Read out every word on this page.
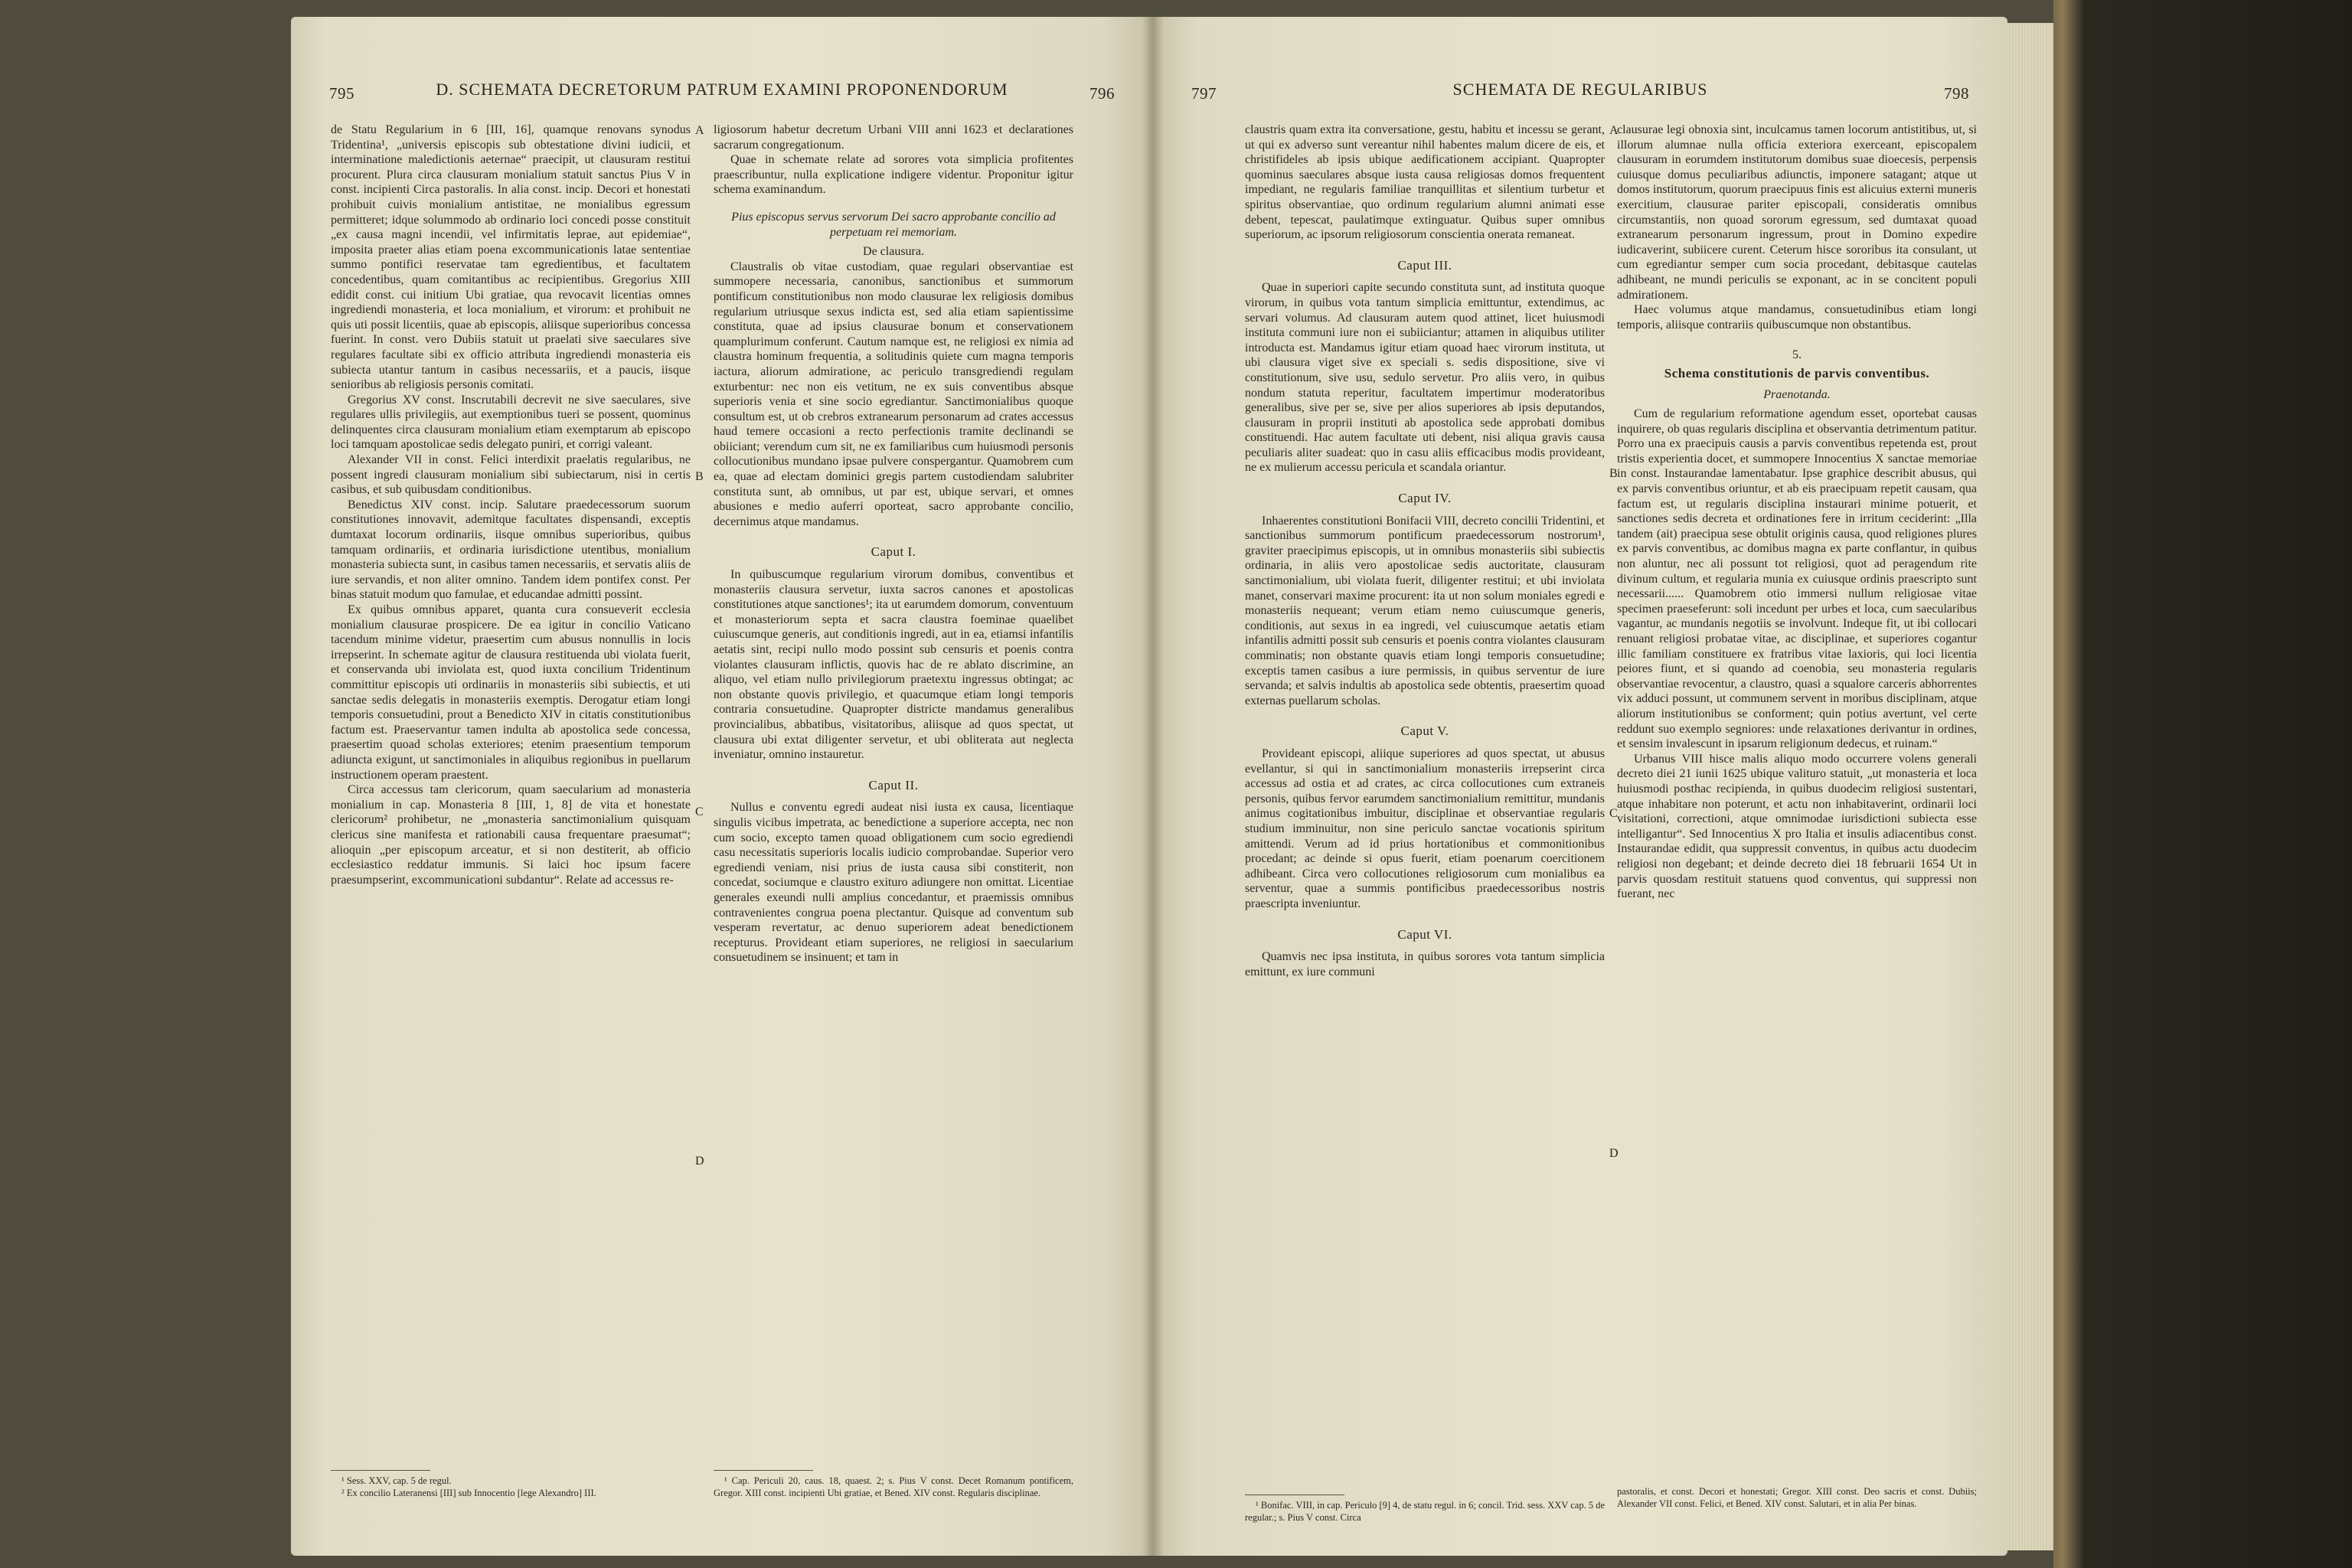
795	D. SCHEMATA DECRETORUM PATRUM EXAMINI PROPONENDORUM	796

de Statu Regularium in 6 [III, 16], quamque renovans synodus Tridentina¹, „universis episcopis sub obtestatione divini iudicii, et interminatione maledictionis aeternae“ praecipit, ut clausuram restitui procurent. Plura circa clausuram monialium statuit sanctus Pius V in const. incipienti Circa pastoralis. In alia const. incip. Decori et honestati prohibuit cuivis monialium antistitae, ne monialibus egressum permitteret; idque solummodo ab ordinario loci concedi posse constituit „ex causa magni incendii, vel infirmitatis leprae, aut epidemiae“, imposita praeter alias etiam poena excommunicationis latae sententiae summo pontifici reservatae tam egredientibus, et facultatem concedentibus, quam comitantibus ac recipientibus. Gregorius XIII edidit const. cui initium Ubi gratiae, qua revocavit licentias omnes ingrediendi monasteria, et loca monialium, et virorum: et prohibuit ne quis uti possit licentiis, quae ab episcopis, aliisque superioribus concessa fuerint. In const. vero Dubiis statuit ut praelati sive saeculares sive regulares facultate sibi ex officio attributa ingrediendi monasteria eis subiecta utantur tantum in casibus necessariis, et a paucis, iisque senioribus ab religiosis personis comitati.

Gregorius XV const. Inscrutabili decrevit ne sive saeculares, sive regulares ullis privilegiis, aut exemptionibus tueri se possent, quominus delinquentes circa clausuram monialium etiam exemptarum ab episcopo loci tamquam apostolicae sedis delegato puniri, et corrigi valeant.

Alexander VII in const. Felici interdixit praelatis regularibus, ne possent ingredi clausuram monialium sibi subiectarum, nisi in certis casibus, et sub quibusdam conditionibus.

Benedictus XIV const. incip. Salutare praedecessorum suorum constitutiones innovavit, ademitque facultates dispensandi, exceptis dumtaxat locorum ordinariis, iisque omnibus superioribus, quibus tamquam ordinariis, et ordinaria iurisdictione utentibus, monialium monasteria subiecta sunt, in casibus tamen necessariis, et servatis aliis de iure servandis, et non aliter omnino. Tandem idem pontifex const. Per binas statuit modum quo famulae, et educandae admitti possint.

Ex quibus omnibus apparet, quanta cura consueverit ecclesia monialium clausurae prospicere. De ea igitur in concilio Vaticano tacendum minime videtur, praesertim cum abusus nonnullis in locis irrepserint. In schemate agitur de clausura restituenda ubi violata fuerit, et conservanda ubi inviolata est, quod iuxta concilium Tridentinum committitur episcopis uti ordinariis in monasteriis sibi subiectis, et uti sanctae sedis delegatis in monasteriis exemptis. Derogatur etiam longi temporis consuetudini, prout a Benedicto XIV in citatis constitutionibus factum est. Praeservantur tamen indulta ab apostolica sede concessa, praesertim quoad scholas exteriores; etenim praesentium temporum adiuncta exigunt, ut sanctimoniales in aliquibus regionibus in puellarum instructionem operam praestent.

Circa accessus tam clericorum, quam saecularium ad monasteria monialium in cap. Monasteria 8 [III, 1, 8] de vita et honestate clericorum² prohibetur, ne „monasteria sanctimonialium quisquam clericus sine manifesta et rationabili causa frequentare praesumat“; alioquin „per episcopum arceatur, et si non destiterit, ab officio ecclesiastico reddatur immunis. Si laici hoc ipsum facere praesumpserint, excommunicationi subdantur“. Relate ad accessus re-

ligiosorum habetur decretum Urbani VIII anni 1623 et declarationes sacrarum congregationum.

Quae in schemate relate ad sorores vota simplicia profitentes praescribuntur, nulla explicatione indigere videntur. Proponitur igitur schema examinandum.

Pius episcopus servus servorum Dei sacro approbante concilio ad perpetuam rei memoriam.

De clausura.

Claustralis ob vitae custodiam, quae regulari observantiae est summopere necessaria, canonibus, sanctionibus et summorum pontificum constitutionibus non modo clausurae lex religiosis domibus regularium utriusque sexus indicta est, sed alia etiam sapientissime constituta, quae ad ipsius clausurae bonum et conservationem quamplurimum conferunt. Cautum namque est, ne religiosi ex nimia ad claustra hominum frequentia, a solitudinis quiete cum magna temporis iactura, aliorum admiratione, ac periculo transgrediendi regulam exturbentur: nec non eis vetitum, ne ex suis conventibus absque superioris venia et sine socio egrediantur. Sanctimonialibus quoque consultum est, ut ob crebros extranearum personarum ad crates accessus haud temere occasioni a recto perfectionis tramite declinandi se obiiciant; verendum cum sit, ne ex familiaribus cum huiusmodi personis collocutionibus mundano ipsae pulvere conspergantur. Quamobrem cum ea, quae ad electam dominici gregis partem custodiendam salubriter constituta sunt, ab omnibus, ut par est, ubique servari, et omnes abusiones e medio auferri oporteat, sacro approbante concilio, decernimus atque mandamus.

Caput I.

In quibuscumque regularium virorum domibus, conventibus et monasteriis clausura servetur, iuxta sacros canones et apostolicas constitutiones atque sanctiones¹; ita ut earumdem domorum, conventuum et monasteriorum septa et sacra claustra foeminae quaelibet cuiuscumque generis, aut conditionis ingredi, aut in ea, etiamsi infantilis aetatis sint, recipi nullo modo possint sub censuris et poenis contra violantes clausuram inflictis, quovis hac de re ablato discrimine, an aliquo, vel etiam nullo privilegiorum praetextu ingressus obtingat; ac non obstante quovis privilegio, et quacumque etiam longi temporis contraria consuetudine. Quapropter districte mandamus generalibus provincialibus, abbatibus, visitatoribus, aliisque ad quos spectat, ut clausura ubi extat diligenter servetur, et ubi obliterata aut neglecta inveniatur, omnino instauretur.

Caput II.

Nullus e conventu egredi audeat nisi iusta ex causa, licentiaque singulis vicibus impetrata, ac benedictione a superiore accepta, nec non cum socio, excepto tamen quoad obligationem cum socio egrediendi casu necessitatis superioris localis iudicio comprobandae. Superior vero egrediendi veniam, nisi prius de iusta causa sibi constiterit, non concedat, sociumque e claustro exituro adiungere non omittat. Licentiae generales exeundi nulli amplius concedantur, et praemissis omnibus contravenientes congrua poena plectantur. Quisque ad conventum sub vesperam revertatur, ac denuo superiorem adeat benedictionem recepturus. Provideant etiam superiores, ne religiosi in saecularium consuetudinem se insinuent; et tam in

A
B
C
D

¹ Sess. XXV, cap. 5 de regul.

² Ex concilio Lateranensi [III] sub Innocentio [lege Alexandro] III.

¹ Cap. Periculi 20, caus. 18, quaest. 2; s. Pius V const. Decet Romanum pontificem, Gregor. XIII const. incipienti Ubi gratiae, et Bened. XIV const. Regularis disciplinae.

797	SCHEMATA DE REGULARIBUS	798

claustris quam extra ita conversatione, gestu, habitu et incessu se gerant, ut qui ex adverso sunt vereantur nihil habentes malum dicere de eis, et christifideles ab ipsis ubique aedificationem accipiant. Quapropter quominus saeculares absque iusta causa religiosas domos frequentent impediant, ne regularis familiae tranquillitas et silentium turbetur et spiritus observantiae, quo ordinum regularium alumni animati esse debent, tepescat, paulatimque extinguatur. Quibus super omnibus superiorum, ac ipsorum religiosorum conscientia onerata remaneat.

Caput III.

Quae in superiori capite secundo constituta sunt, ad instituta quoque virorum, in quibus vota tantum simplicia emittuntur, extendimus, ac servari volumus. Ad clausuram autem quod attinet, licet huiusmodi instituta communi iure non ei subiiciantur; attamen in aliquibus utiliter introducta est. Mandamus igitur etiam quoad haec virorum instituta, ut ubi clausura viget sive ex speciali s. sedis dispositione, sive vi constitutionum, sive usu, sedulo servetur. Pro aliis vero, in quibus nondum statuta reperitur, facultatem impertimur moderatoribus generalibus, sive per se, sive per alios superiores ab ipsis deputandos, clausuram in proprii instituti ab apostolica sede approbati domibus constituendi. Hac autem facultate uti debent, nisi aliqua gravis causa peculiaris aliter suadeat: quo in casu aliis efficacibus modis provideant, ne ex mulierum accessu pericula et scandala oriantur.

Caput IV.

Inhaerentes constitutioni Bonifacii VIII, decreto concilii Tridentini, et sanctionibus summorum pontificum praedecessorum nostrorum¹, graviter praecipimus episcopis, ut in omnibus monasteriis sibi subiectis ordinaria, in aliis vero apostolicae sedis auctoritate, clausuram sanctimonialium, ubi violata fuerit, diligenter restitui; et ubi inviolata manet, conservari maxime procurent: ita ut non solum moniales egredi e monasteriis nequeant; verum etiam nemo cuiuscumque generis, conditionis, aut sexus in ea ingredi, vel cuiuscumque aetatis etiam infantilis admitti possit sub censuris et poenis contra violantes clausuram comminatis; non obstante quavis etiam longi temporis consuetudine; exceptis tamen casibus a iure permissis, in quibus serventur de iure servanda; et salvis indultis ab apostolica sede obtentis, praesertim quoad externas puellarum scholas.

Caput V.

Provideant episcopi, aliique superiores ad quos spectat, ut abusus evellantur, si qui in sanctimonialium monasteriis irrepserint circa accessus ad ostia et ad crates, ac circa collocutiones cum extraneis personis, quibus fervor earumdem sanctimonialium remittitur, mundanis animus cogitationibus imbuitur, disciplinae et observantiae regularis studium imminuitur, non sine periculo sanctae vocationis spiritum amittendi. Verum ad id prius hortationibus et commonitionibus procedant; ac deinde si opus fuerit, etiam poenarum coercitionem adhibeant. Circa vero collocutiones religiosorum cum monialibus ea serventur, quae a summis pontificibus praedecessoribus nostris praescripta inveniuntur.

Caput VI.

Quamvis nec ipsa instituta, in quibus sorores vota tantum simplicia emittunt, ex iure communi

clausurae legi obnoxia sint, inculcamus tamen locorum antistitibus, ut, si illorum alumnae nulla officia exteriora exerceant, episcopalem clausuram in eorumdem institutorum domibus suae dioecesis, perpensis cuiusque domus peculiaribus adiunctis, imponere satagant; atque ut domos institutorum, quorum praecipuus finis est alicuius externi muneris exercitium, clausurae pariter episcopali, consideratis omnibus circumstantiis, non quoad sororum egressum, sed dumtaxat quoad extranearum personarum ingressum, prout in Domino expedire iudicaverint, subiicere curent. Ceterum hisce sororibus ita consulant, ut cum egrediantur semper cum socia procedant, debitasque cautelas adhibeant, ne mundi periculis se exponant, ac in se concitent populi admirationem.

Haec volumus atque mandamus, consuetudinibus etiam longi temporis, aliisque contrariis quibuscumque non obstantibus.

5.

Schema constitutionis de parvis conventibus.

Praenotanda.

Cum de regularium reformatione agendum esset, oportebat causas inquirere, ob quas regularis disciplina et observantia detrimentum patitur. Porro una ex praecipuis causis a parvis conventibus repetenda est, prout tristis experientia docet, et summopere Innocentius X sanctae memoriae in const. Instaurandae lamentabatur. Ipse graphice describit abusus, qui ex parvis conventibus oriuntur, et ab eis praecipuam repetit causam, qua factum est, ut regularis disciplina instaurari minime potuerit, et sanctiones sedis decreta et ordinationes fere in irritum ceciderint: „Illa tandem (ait) praecipua sese obtulit originis causa, quod religiones plures ex parvis conventibus, ac domibus magna ex parte conflantur, in quibus non aluntur, nec ali possunt tot religiosi, quot ad peragendum rite divinum cultum, et regularia munia ex cuiusque ordinis praescripto sunt necessarii...... Quamobrem otio immersi nullum religiosae vitae specimen praeseferunt: soli incedunt per urbes et loca, cum saecularibus vagantur, ac mundanis negotiis se involvunt. Indeque fit, ut ibi collocari renuant religiosi probatae vitae, ac disciplinae, et superiores cogantur illic familiam constituere ex fratribus vitae laxioris, qui loci licentia peiores fiunt, et si quando ad coenobia, seu monasteria regularis observantiae revocentur, a claustro, quasi a squalore carceris abhorrentes vix adduci possunt, ut communem servent in moribus disciplinam, atque aliorum institutionibus se conforment; quin potius avertunt, vel certe reddunt suo exemplo segniores: unde relaxationes derivantur in ordines, et sensim invalescunt in ipsarum religionum dedecus, et ruinam.“

Urbanus VIII hisce malis aliquo modo occurrere volens generali decreto diei 21 iunii 1625 ubique valituro statuit, „ut monasteria et loca huiusmodi posthac recipienda, in quibus duodecim religiosi sustentari, atque inhabitare non poterunt, et actu non inhabitaverint, ordinarii loci visitationi, correctioni, atque omnimodae iurisdictioni subiecta esse intelligantur“. Sed Innocentius X pro Italia et insulis adiacentibus const. Instaurandae edidit, qua suppressit conventus, in quibus actu duodecim religiosi non degebant; et deinde decreto diei 18 februarii 1654 Ut in parvis quosdam restituit statuens quod conventus, qui suppressi non fuerant, nec

A
B
C
D

¹ Bonifac. VIII, in cap. Periculo [9] 4, de statu regul. in 6; concil. Trid. sess. XXV cap. 5 de regular.; s. Pius V const. Circa

pastoralis, et const. Decori et honestati; Gregor. XIII const. Deo sacris et const. Dubiis; Alexander VII const. Felici, et Bened. XIV const. Salutari, et in alia Per binas.
